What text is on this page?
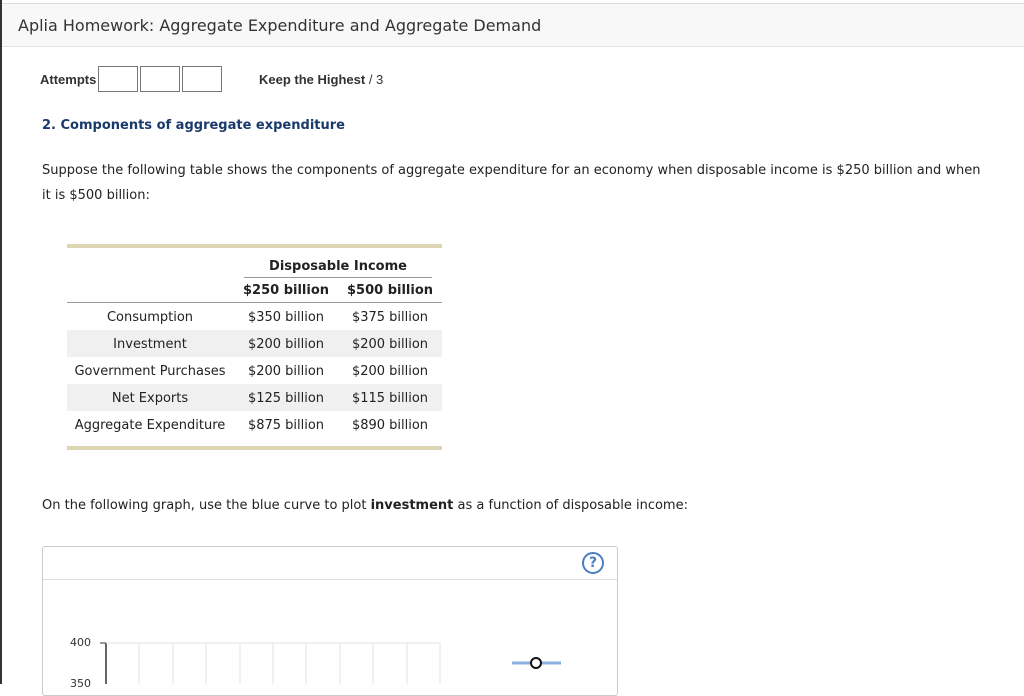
Aplia Homework: Aggregate Expenditure and Aggregate Demand
Attempts	Keep the Highest / 3
2. Components of aggregate expenditure
Suppose the following table shows the components of aggregate expenditure for an economy when disposable income is $250 billion and when it is $500 billion:
Disposable Income
$250 billion	$500 billion
Consumption	$350 billion	$375 billion
Investment	$200 billion	$200 billion
Government Purchases	$200 billion	$200 billion
Net Exports	$125 billion	$115 billion
Aggregate Expenditure	$875 billion	$890 billion
On the following graph, use the blue curve to plot investment as a function of disposable income:
?
400
350
